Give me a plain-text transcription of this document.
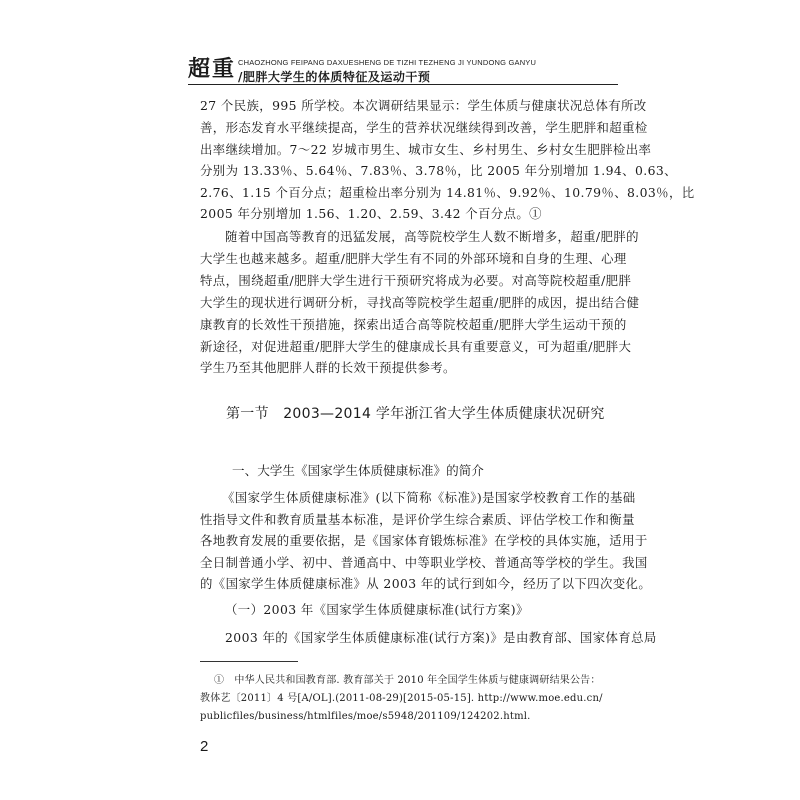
超重 CHAOZHONG FEIPANG DAXUESHENG DE TIZHI TEZHENG JI YUNDONG GANYU
/肥胖大学生的体质特征及运动干预
27 个民族，995 所学校。本次调研结果显示：学生体质与健康状况总体有所改
善，形态发育水平继续提高，学生的营养状况继续得到改善，学生肥胖和超重检
出率继续增加。7～22 岁城市男生、城市女生、乡村男生、乡村女生肥胖检出率
分别为 13.33％、5.64％、7.83％、3.78％，比 2005 年分别增加 1.94、0.63、
2.76、1.15 个百分点；超重检出率分别为 14.81％、9.92％、10.79％、8.03％，比
2005 年分别增加 1.56、1.20、2.59、3.42 个百分点。①
随着中国高等教育的迅猛发展，高等院校学生人数不断增多，超重/肥胖的
大学生也越来越多。超重/肥胖大学生有不同的外部环境和自身的生理、心理
特点，围绕超重/肥胖大学生进行干预研究将成为必要。对高等院校超重/肥胖
大学生的现状进行调研分析，寻找高等院校学生超重/肥胖的成因，提出结合健
康教育的长效性干预措施，探索出适合高等院校超重/肥胖大学生运动干预的
新途径，对促进超重/肥胖大学生的健康成长具有重要意义，可为超重/肥胖大
学生乃至其他肥胖人群的长效干预提供参考。
第一节　2003—2014 学年浙江省大学生体质健康状况研究
一、大学生《国家学生体质健康标准》的简介
《国家学生体质健康标准》(以下简称《标准》)是国家学校教育工作的基础
性指导文件和教育质量基本标准，是评价学生综合素质、评估学校工作和衡量
各地教育发展的重要依据，是《国家体育锻炼标准》在学校的具体实施，适用于
全日制普通小学、初中、普通高中、中等职业学校、普通高等学校的学生。我国
的《国家学生体质健康标准》从 2003 年的试行到如今，经历了以下四次变化。
（一）2003 年《国家学生体质健康标准(试行方案)》
2003 年的《国家学生体质健康标准(试行方案)》是由教育部、国家体育总局
①　中华人民共和国教育部. 教育部关于 2010 年全国学生体质与健康调研结果公告：
教体艺〔2011〕4 号[A/OL].(2011-08-29)[2015-05-15]. http://www.moe.edu.cn/
publicfiles/business/htmlfiles/moe/s5948/201109/124202.html.
2
